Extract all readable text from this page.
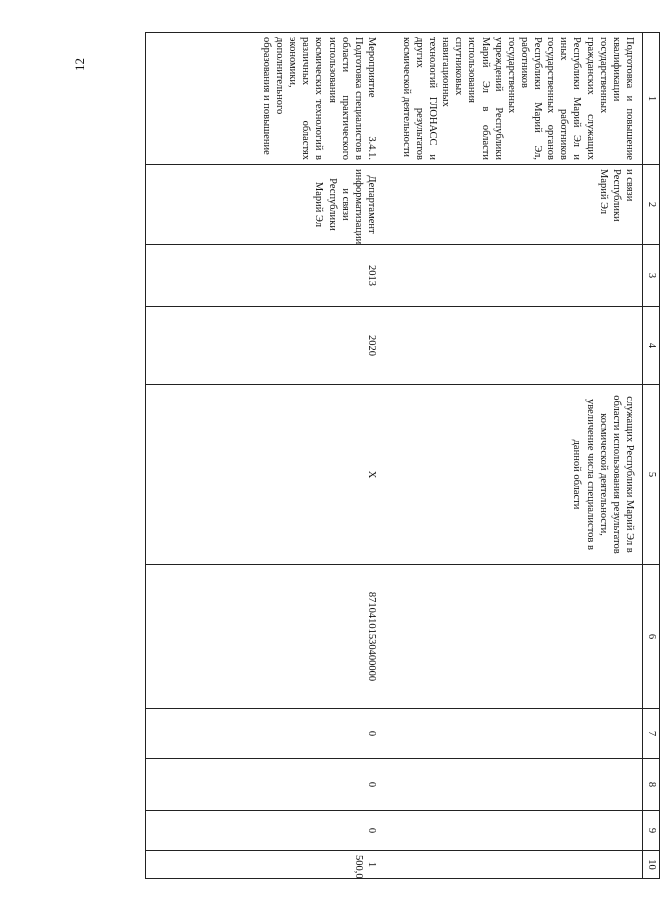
12
1	2	3	4	5	6	7	8	9	10
Подготовка и повышение квалификации государственных гражданских служащих Республики Марий Эл и иных работников государственных органов Республики Марий Эл, работников государственных учреждений Республики Марий Эл в области использования спутниковых навигационных технологий ГЛОНАСС и других результатов космической деятельности	и связи Республики Марий Эл			служащих Республики Марий Эл в области использования результатов космической деятельности, увеличение числа специалистов в данной области					
Мероприятие 3.4.1. Подготовка специалистов в области практического использования космических технологий в различных областях экономики, дополнительного образования и повышение	Департамент информатизации и связи Республики Марий Эл	2013	2020	Х	87104101530400000	0	0	0	1 500,0
